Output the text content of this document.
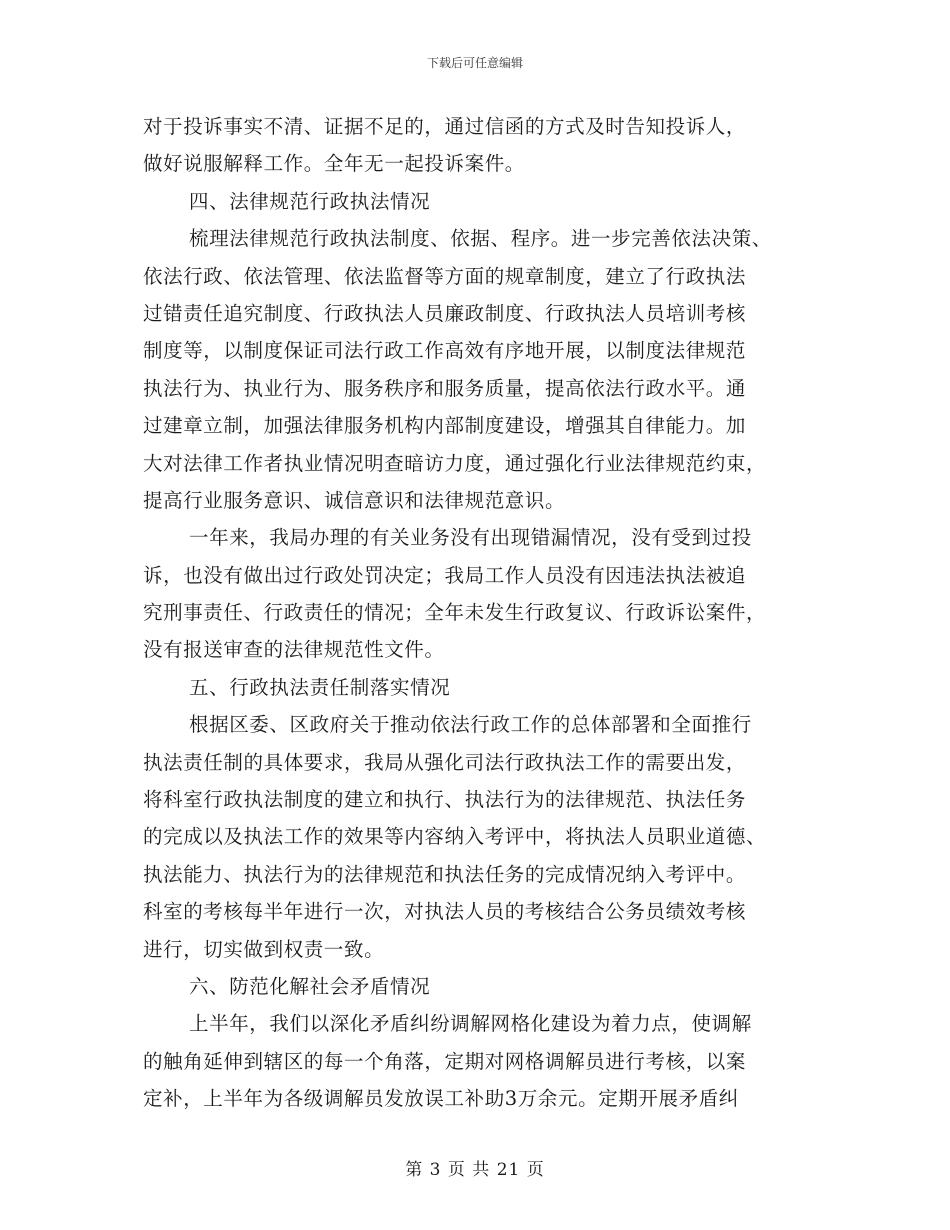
下载后可任意编辑
对于投诉事实不清、证据不足的，通过信函的方式及时告知投诉人，
做好说服解释工作。全年无一起投诉案件。
四、法律规范行政执法情况
梳理法律规范行政执法制度、依据、程序。进一步完善依法决策、
依法行政、依法管理、依法监督等方面的规章制度，建立了行政执法
过错责任追究制度、行政执法人员廉政制度、行政执法人员培训考核
制度等，以制度保证司法行政工作高效有序地开展，以制度法律规范
执法行为、执业行为、服务秩序和服务质量，提高依法行政水平。通
过建章立制，加强法律服务机构内部制度建设，增强其自律能力。加
大对法律工作者执业情况明查暗访力度，通过强化行业法律规范约束，
提高行业服务意识、诚信意识和法律规范意识。
一年来，我局办理的有关业务没有出现错漏情况，没有受到过投
诉，也没有做出过行政处罚决定；我局工作人员没有因违法执法被追
究刑事责任、行政责任的情况；全年未发生行政复议、行政诉讼案件，
没有报送审查的法律规范性文件。
五、行政执法责任制落实情况
根据区委、区政府关于推动依法行政工作的总体部署和全面推行
执法责任制的具体要求，我局从强化司法行政执法工作的需要出发，
将科室行政执法制度的建立和执行、执法行为的法律规范、执法任务
的完成以及执法工作的效果等内容纳入考评中，将执法人员职业道德、
执法能力、执法行为的法律规范和执法任务的完成情况纳入考评中。
科室的考核每半年进行一次，对执法人员的考核结合公务员绩效考核
进行，切实做到权责一致。
六、防范化解社会矛盾情况
上半年，我们以深化矛盾纠纷调解网格化建设为着力点，使调解
的触角延伸到辖区的每一个角落，定期对网格调解员进行考核，以案
定补，上半年为各级调解员发放误工补助3万余元。定期开展矛盾纠
第 3 页 共 21 页
